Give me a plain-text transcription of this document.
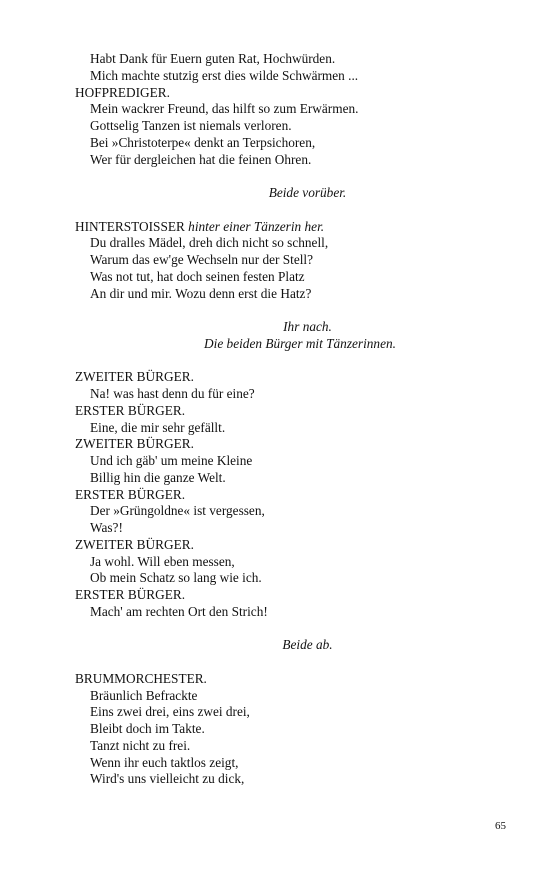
Habt Dank für Euern guten Rat, Hochwürden.
Mich machte stutzig erst dies wilde Schwärmen ...
HOFPREDIGER.
Mein wackrer Freund, das hilft so zum Erwärmen.
Gottselig Tanzen ist niemals verloren.
Bei »Christoterpe« denkt an Terpsichoren,
Wer für dergleichen hat die feinen Ohren.
Beide vorüber.
HINTERSTOISSER hinter einer Tänzerin her.
Du dralles Mädel, dreh dich nicht so schnell,
Warum das ew'ge Wechseln nur der Stell?
Was not tut, hat doch seinen festen Platz
An dir und mir. Wozu denn erst die Hatz?
Ihr nach.
Die beiden Bürger mit Tänzerinnen.
ZWEITER BÜRGER.
Na! was hast denn du für eine?
ERSTER BÜRGER.
Eine, die mir sehr gefällt.
ZWEITER BÜRGER.
Und ich gäb' um meine Kleine
Billig hin die ganze Welt.
ERSTER BÜRGER.
Der »Grüngoldne« ist vergessen,
Was?!
ZWEITER BÜRGER.
Ja wohl. Will eben messen,
Ob mein Schatz so lang wie ich.
ERSTER BÜRGER.
Mach' am rechten Ort den Strich!
Beide ab.
BRUMMORCHESTER.
Bräunlich Befrackte
Eins zwei drei, eins zwei drei,
Bleibt doch im Takte.
Tanzt nicht zu frei.
Wenn ihr euch taktlos zeigt,
Wird's uns vielleicht zu dick,
65
